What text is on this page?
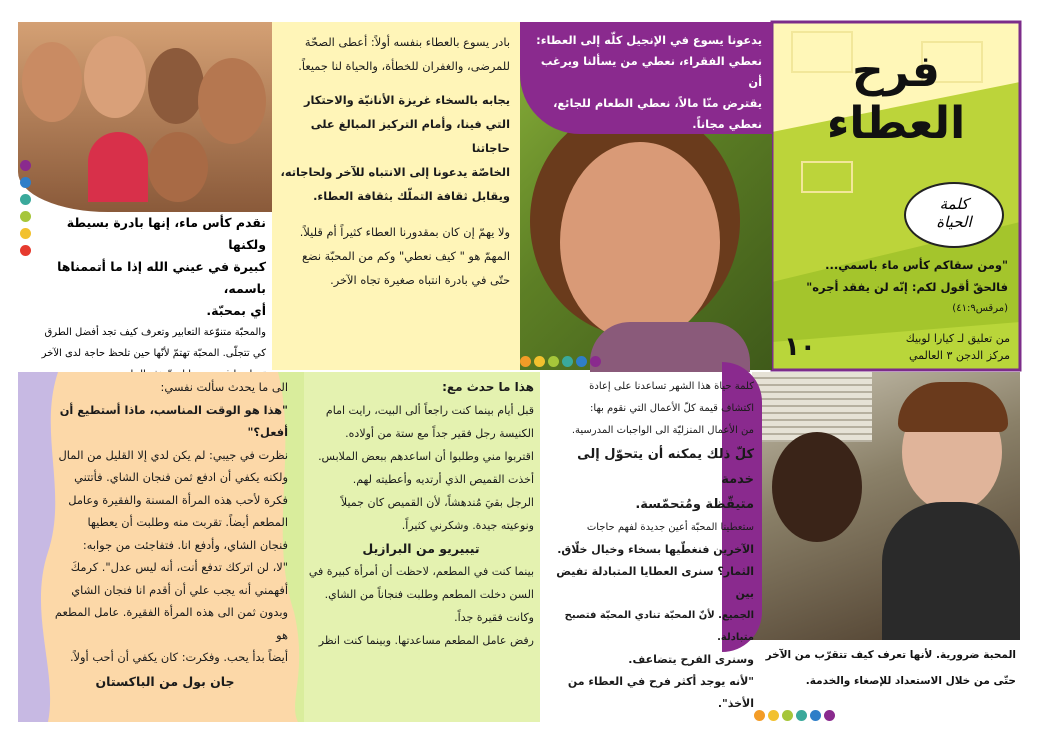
فرح
العطاء
كلمة
الحياة
"ومن سقاكم كأس ماء باسمي...
فالحقّ أقول لكم: إنّه لن يفقد أجره"
(مرقس٤١:٩)
١٠	من تعليق لـ كيارا لوبيك
مركز الدجن ٣ العالمي
يدعونا يسوع في الإنجيل كلّه إلى العطاء:
نعطي الفقراء، نعطي من يسألنا ويرغب أن
يقترض منّا مالاً، نعطي الطعام للجائع،
نعطي مجاناً.
بادر يسوع بالعطاء بنفسه أولاً: أعطى الصحّة
للمرضى، والغفران للخطأة، والحياة لنا جميعاً.
يجابه بالسخاء غريزة الأنانيّة والاحتكار
التي فينا، وأمام التركيز المبالغ على حاجاتنا
الخاصّة يدعونا إلى الانتباه للآخر ولحاجاته،
ويقابل ثقافة التملّك بثقافة العطاء.
ولا يهمّ إن كان بمقدورنا العطاء كثيراً أم قليلاً.
المهمّ هو " كيف نعطي" وكم من المحبّة نضع
حتّى في بادرة انتباه صغيرة تجاه الآخر.
نقدم كأس ماء، إنها بادرة بسيطة ولكنها
كبيرة في عيني الله إذا ما أتممناها باسمه،
أي بمحبّة.
والمحبّة متنوّعة التعابير وتعرف كيف تجد أفضل الطرق
كي تتجلّى. المحبّة تهتمّ لأنّها حين تلحظ حاجة لدى الآخر
الى ما يحدث سألت نفسي:
"هذا هو الوقت المناسب، ماذا أستطيع أن أفعل؟"
نظرت في جيبي: لم يكن لدي إلا القليل من المال
ولكنه يكفي أن ادفع ثمن فنجان الشاي. فأتتني
فكرة لأحب هذه المرأة المسنة والفقيرة وعامل
المطعم أيضاً. تقربت منه وطلبت أن يعطيها
فنجان الشاي، وأدفع انا. فتفاجئت من جوابه:
"لا، لن اتركك تدفع أنت، أنه ليس عدل". كرمكَ
أفهمني أنه يجب علي أن أقدم انا فنجان الشاي
وبدون ثمن الى هذه المرأة الفقيرة. عامل المطعم هو
أيضاً بدأ يحب. وفكرت: كان يكفي أن أحب أولاً.
جان بول من الباكستان
هذا ما حدث مع:
قبل أيام بينما كنت راجعاً ألى البيت، رايت امام
الكنيسة رجل فقير جداً مع ستة من أولاده.
اقتربوا مني وطلبوا أن اساعدهم ببعض الملابس.
أخذت القميص الذي أرتديه وأعطيته لهم.
الرجل بقيَ مُندهشاً، لأن القميص كان جميلاً
ونوعيته جيدة. وشكرني كثيراً.
تيبيريو من البرازيل
بينما كنت في المطعم، لاحظت أن أمرأة كبيرة في
السن دخلت المطعم وطلبت فنجاناً من الشاي.
وكانت فقيرة جداً.
رفض عامل المطعم مساعدتها. وبينما كنت انظر
كلمة حياة هذا الشهر تساعدنا على إعادة
اكتشاف قيمة كلّ الأعمال التي نقوم بها:
من الأعمال المنزليّة الى الواجبات المدرسية.
كلّ ذلك يمكنه أن يتحوّل إلى خدمة
متيقّظة ومُتحمّسة.
ستعطينا المحبّة أعين جديدة لفهم حاجات
الآخرين فنغطّيها بسخاء وخيال خلّاق.
الثمار؟ سنرى العطايا المتبادلة تفيض بين
الجميع. لأنّ المحبّة تنادي المحبّة فتصبح متبادلة.
وسنرى الفرح يتضاعف.
"لأنه يوجد أكثر فرح في العطاء من الأخذ".
المحبة ضرورية. لأنها تعرف كيف تتقرّب من الآخر
حتّى من خلال الاستعداد للإصغاء والخدمة.
